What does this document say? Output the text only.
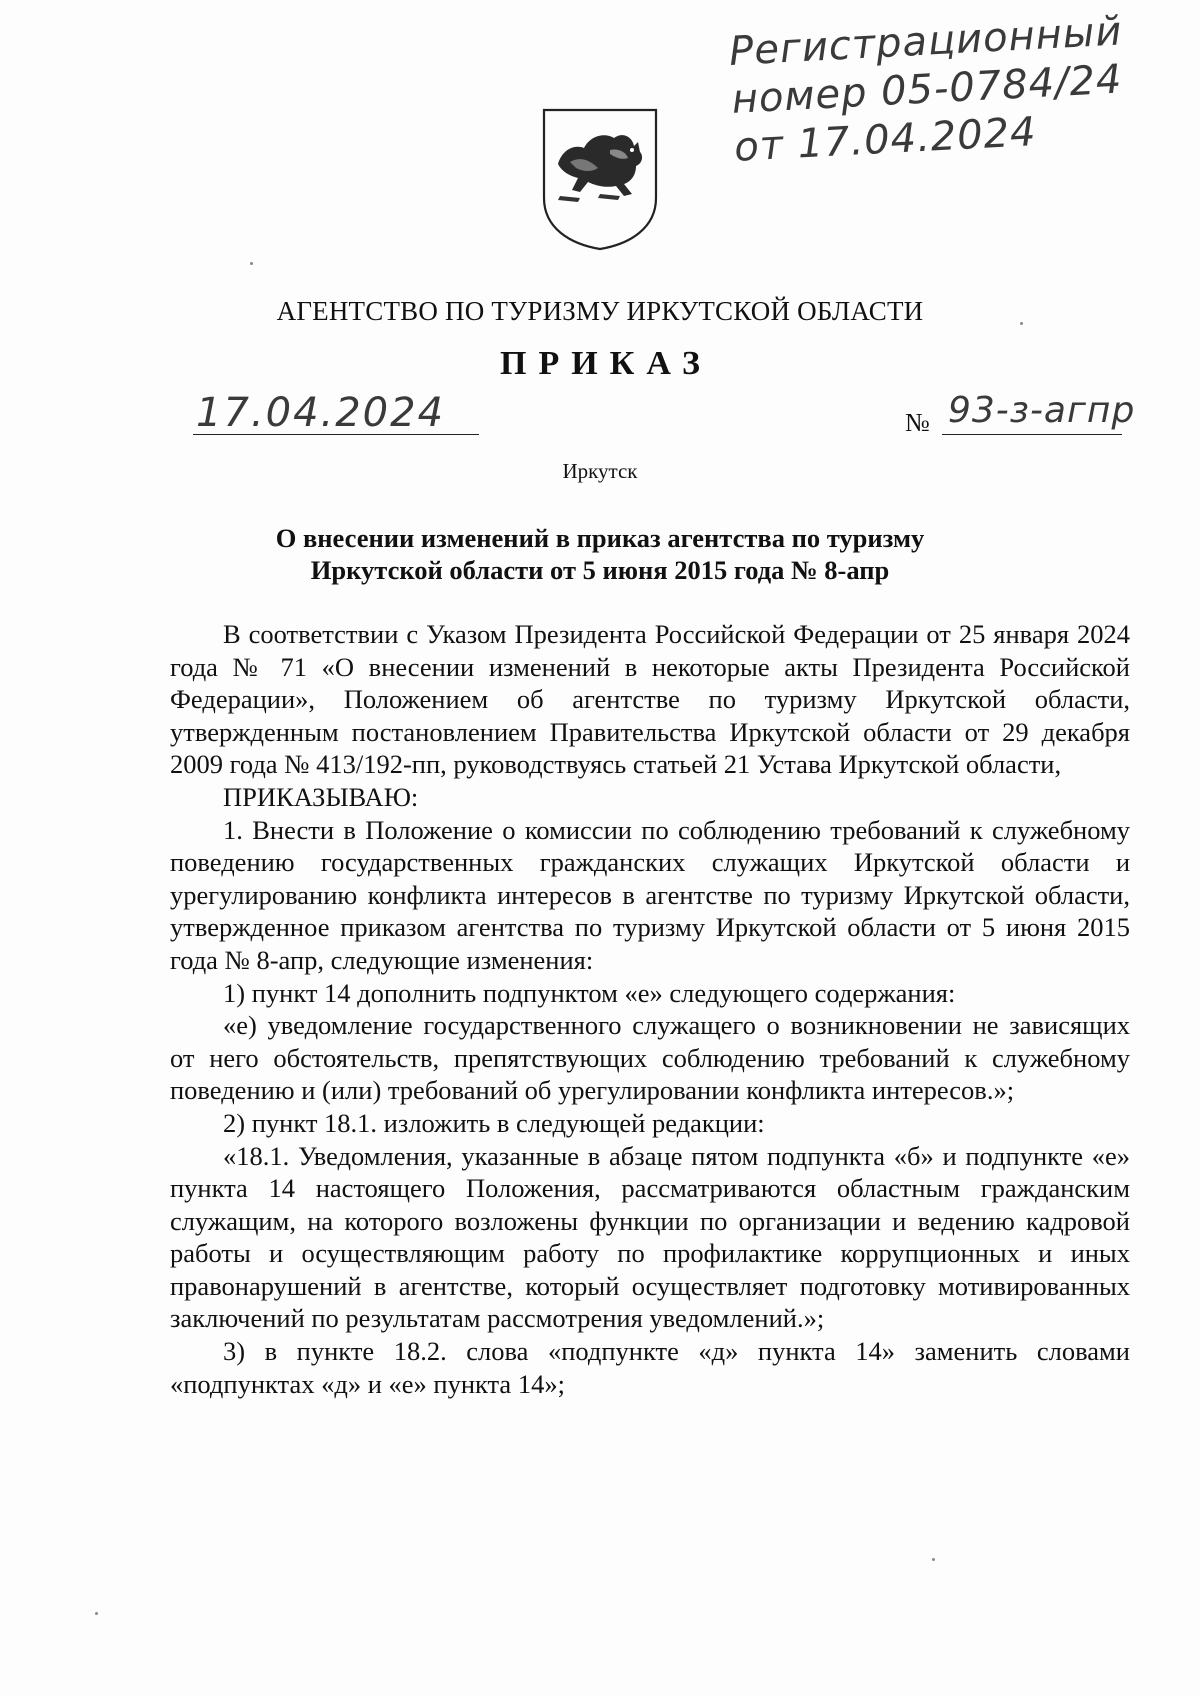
Регистрационный
номер 05-0784/24
от 17.04.2024
АГЕНТСТВО ПО ТУРИЗМУ ИРКУТСКОЙ ОБЛАСТИ
ПРИКАЗ
17.04.2024	№ 93-з-агпр
Иркутск
О внесении изменений в приказ агентства по туризму
Иркутской области от 5 июня 2015 года № 8-апр

В соответствии с Указом Президента Российской Федерации от 25 января 2024 года № 71 «О внесении изменений в некоторые акты Президента Российской Федерации», Положением об агентстве по туризму Иркутской области, утвержденным постановлением Правительства Иркутской области от 29 декабря 2009 года № 413/192-пп, руководствуясь статьей 21 Устава Иркутской области,

ПРИКАЗЫВАЮ:

1. Внести в Положение о комиссии по соблюдению требований к служебному поведению государственных гражданских служащих Иркутской области и урегулированию конфликта интересов в агентстве по туризму Иркутской области, утвержденное приказом агентства по туризму Иркутской области от 5 июня 2015 года № 8-апр, следующие изменения:

1) пункт 14 дополнить подпунктом «е» следующего содержания:

«е) уведомление государственного служащего о возникновении не зависящих от него обстоятельств, препятствующих соблюдению требований к служебному поведению и (или) требований об урегулировании конфликта интересов.»;

2) пункт 18.1. изложить в следующей редакции:

«18.1. Уведомления, указанные в абзаце пятом подпункта «б» и подпункте «е» пункта 14 настоящего Положения, рассматриваются областным гражданским служащим, на которого возложены функции по организации и ведению кадровой работы и осуществляющим работу по профилактике коррупционных и иных правонарушений в агентстве, который осуществляет подготовку мотивированных заключений по результатам рассмотрения уведомлений.»;

3) в пункте 18.2. слова «подпункте «д» пункта 14» заменить словами «подпунктах «д» и «е» пункта 14»;
